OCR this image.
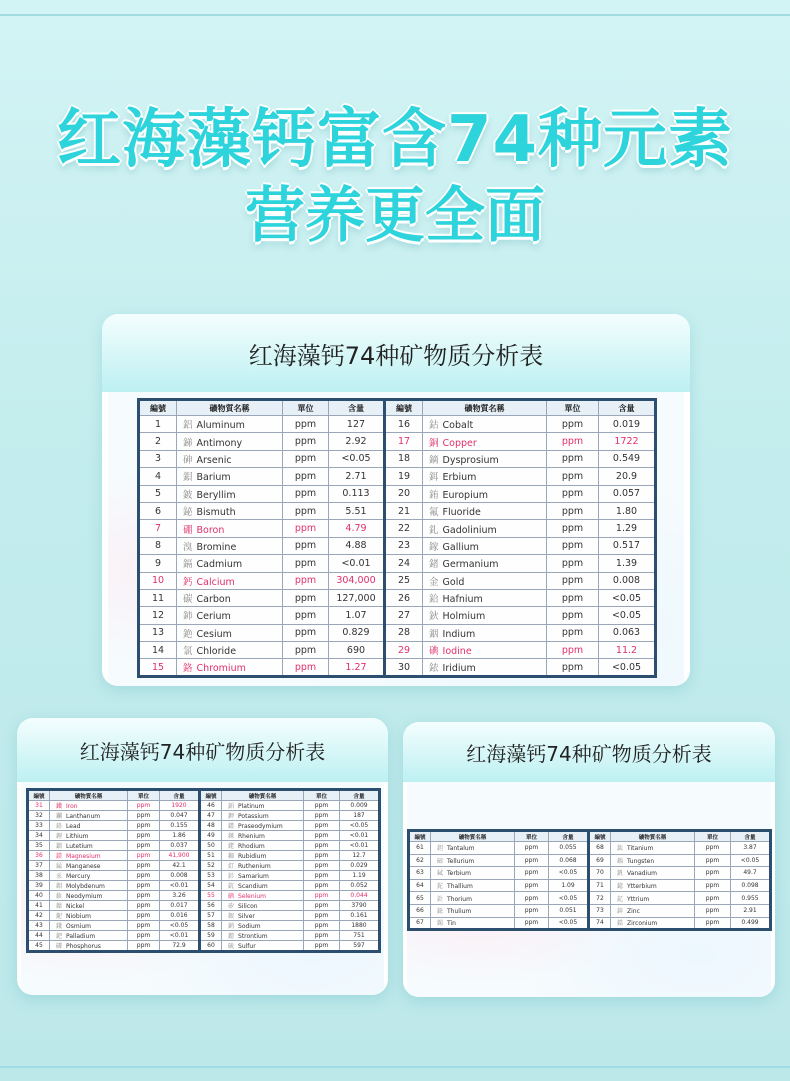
红海藻钙富含74种元素
营养更全面
红海藻钙74种矿物质分析表
編號	礦物質名稱	單位	含量	編號	礦物質名稱	單位	含量
1	鋁 Aluminum	ppm	127	16	鈷 Cobalt	ppm	0.019
2	銻 Antimony	ppm	2.92	17	銅 Copper	ppm	1722
3	砷 Arsenic	ppm	<0.05	18	鏑 Dysprosium	ppm	0.549
4	鋇 Barium	ppm	2.71	19	鉺 Erbium	ppm	20.9
5	鈹 Beryllim	ppm	0.113	20	銪 Europium	ppm	0.057
6	鉍 Bismuth	ppm	5.51	21	氟 Fluoride	ppm	1.80
7	硼 Boron	ppm	4.79	22	釓 Gadolinium	ppm	1.29
8	溴 Bromine	ppm	4.88	23	鎵 Gallium	ppm	0.517
9	鎘 Cadmium	ppm	<0.01	24	鍺 Germanium	ppm	1.39
10	鈣 Calcium	ppm	304,000	25	金 Gold	ppm	0.008
11	碳 Carbon	ppm	127,000	26	鉿 Hafnium	ppm	<0.05
12	鈰 Cerium	ppm	1.07	27	鈥 Holmium	ppm	<0.05
13	銫 Cesium	ppm	0.829	28	銦 Indium	ppm	0.063
14	氯 Chloride	ppm	690	29	碘 Iodine	ppm	11.2
15	鉻 Chromium	ppm	1.27	30	銥 Iridium	ppm	<0.05
红海藻钙74种矿物质分析表
編號	礦物質名稱	單位	含量	編號	礦物質名稱	單位	含量
31	鐵 Iron	ppm	1920	46	鉑 Platinum	ppm	0.009
32	鑭 Lanthanum	ppm	0.047	47	鉀 Potassium	ppm	187
33	鉛 Lead	ppm	0.155	48	鐠 Praseodymium	ppm	<0.05
34	鋰 Lithium	ppm	1.86	49	錸 Rhenium	ppm	<0.01
35	鎦 Lutetium	ppm	0.037	50	銠 Rhodium	ppm	<0.01
36	鎂 Magnesium	ppm	41,900	51	銣 Rubidium	ppm	12.7
37	錳 Manganese	ppm	42.1	52	釕 Ruthenium	ppm	0.029
38	汞 Mercury	ppm	0.008	53	釤 Samarium	ppm	1.19
39	鉬 Molybdenum	ppm	<0.01	54	鈧 Scandium	ppm	0.052
40	釹 Neodymium	ppm	3.26	55	硒 Selenium	ppm	0.044
41	鎳 Nickel	ppm	0.017	56	矽 Silicon	ppm	3790
42	鈮 Niobium	ppm	0.016	57	銀 Silver	ppm	0.161
43	鋨 Osmium	ppm	<0.05	58	鈉 Sodium	ppm	1880
44	鈀 Palladium	ppm	<0.01	59	鍶 Strontium	ppm	751
45	磷 Phosphorus	ppm	72.9	60	硫 Sulfur	ppm	597
红海藻钙74种矿物质分析表
編號	礦物質名稱	單位	含量	編號	礦物質名稱	單位	含量
61	鉭 Tantalum	ppm	0.055	68	鈦 Titanium	ppm	3.87
62	碲 Tellurium	ppm	0.068	69	鎢 Tungsten	ppm	<0.05
63	鋱 Terbium	ppm	<0.05	70	釩 Vanadium	ppm	49.7
64	鉈 Thallium	ppm	1.09	71	鐿 Ytterbium	ppm	0.098
65	釷 Thorium	ppm	<0.05	72	釔 Yttrium	ppm	0.955
66	銩 Thulium	ppm	0.051	73	鋅 Zinc	ppm	2.91
67	錫 Tin	ppm	<0.05	74	鋯 Zirconium	ppm	0.499
